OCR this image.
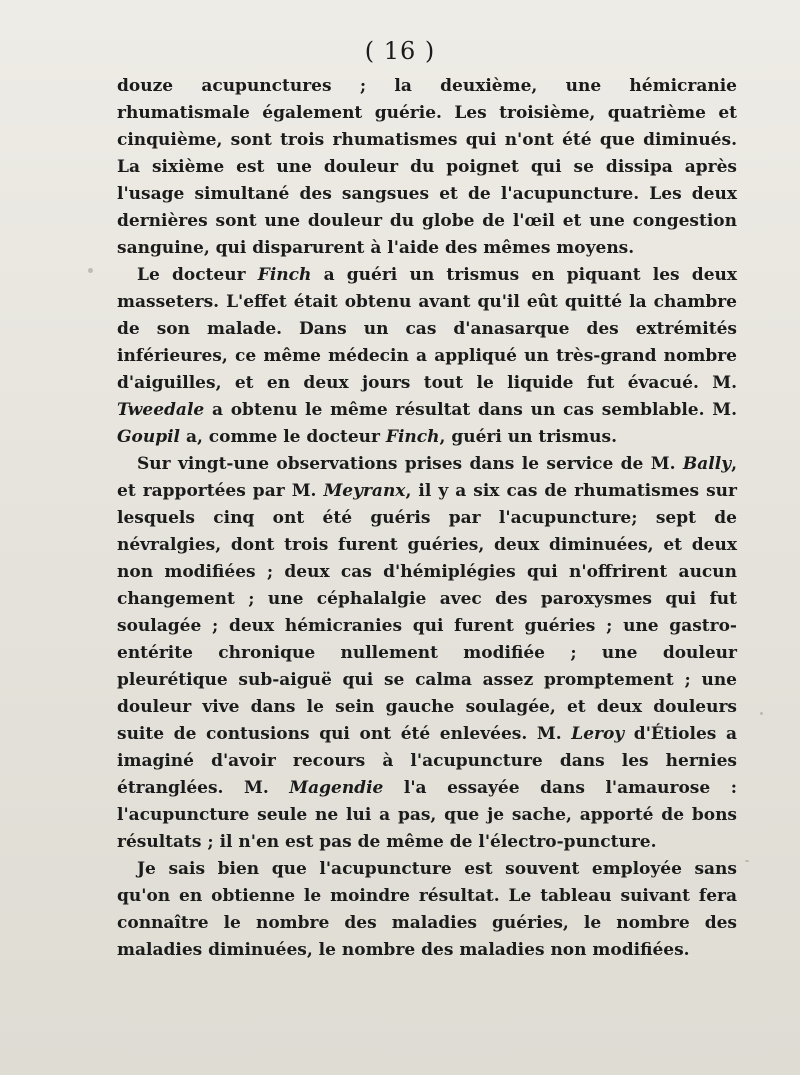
( 16 )

douze acupunctures ; la deuxième, une hémicranie rhumatismale également guérie. Les troisième, quatrième et cinquième, sont trois rhumatismes qui n'ont été que diminués. La sixième est une douleur du poignet qui se dissipa après l'usage simultané des sangsues et de l'acupuncture. Les deux dernières sont une douleur du globe de l'œil et une congestion sanguine, qui disparurent à l'aide des mêmes moyens.

Le docteur Finch a guéri un trismus en piquant les deux masseters. L'effet était obtenu avant qu'il eût quitté la chambre de son malade. Dans un cas d'anasarque des extrémités inférieures, ce même médecin a appliqué un très-grand nombre d'aiguilles, et en deux jours tout le liquide fut évacué. M. Tweedale a obtenu le même résultat dans un cas semblable. M. Goupil a, comme le docteur Finch, guéri un trismus.

Sur vingt-une observations prises dans le service de M. Bally, et rapportées par M. Meyranx, il y a six cas de rhumatismes sur lesquels cinq ont été guéris par l'acupuncture; sept de névralgies, dont trois furent guéries, deux diminuées, et deux non modifiées ; deux cas d'hémiplégies qui n'offrirent aucun changement ; une céphalalgie avec des paroxysmes qui fut soulagée ; deux hémicranies qui furent guéries ; une gastro-entérite chronique nullement modifiée ; une douleur pleurétique sub-aiguë qui se calma assez promptement ; une douleur vive dans le sein gauche soulagée, et deux douleurs suite de contusions qui ont été enlevées. M. Leroy d'Étioles a imaginé d'avoir recours à l'acupuncture dans les hernies étranglées. M. Magendie l'a essayée dans l'amaurose : l'acupuncture seule ne lui a pas, que je sache, apporté de bons résultats ; il n'en est pas de même de l'électro-puncture.

Je sais bien que l'acupuncture est souvent employée sans qu'on en obtienne le moindre résultat. Le tableau suivant fera connaître le nombre des maladies guéries, le nombre des maladies diminuées, le nombre des maladies non modifiées.
